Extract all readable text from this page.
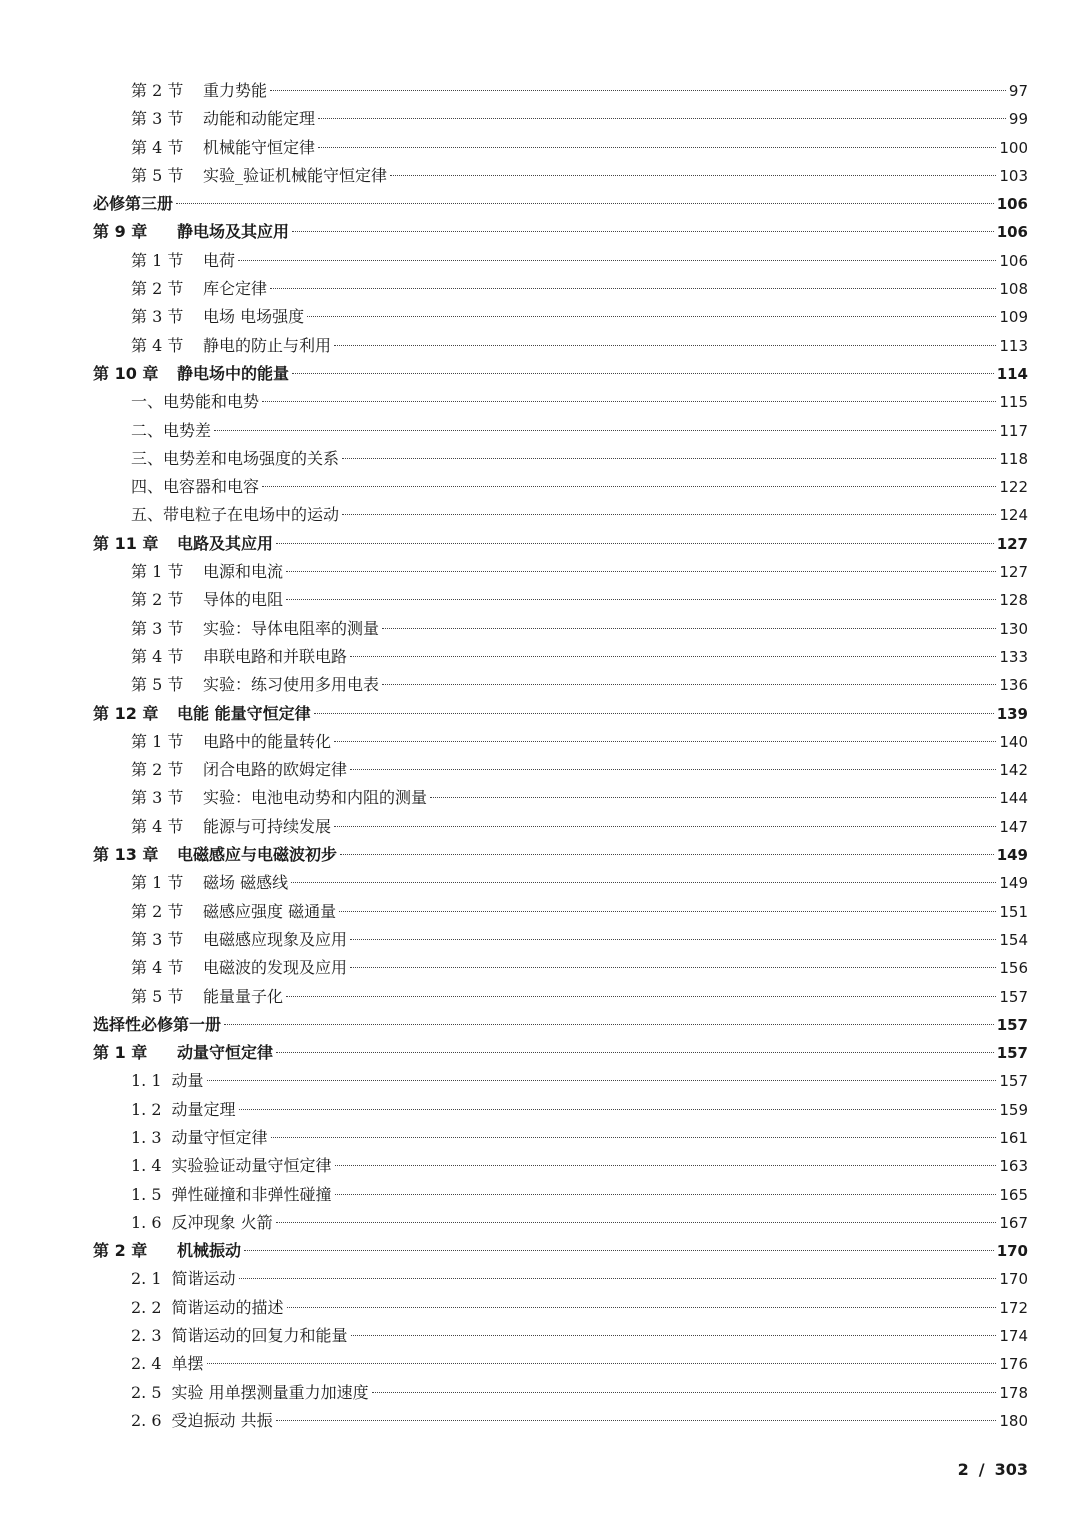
第 2 节	重力势能	97
第 3 节	动能和动能定理	99
第 4 节	机械能守恒定律	100
第 5 节	实验_验证机械能守恒定律	103
必修第三册	106
第 9 章	静电场及其应用	106
第 1 节	电荷	106
第 2 节	库仑定律	108
第 3 节	电场 电场强度	109
第 4 节	静电的防止与利用	113
第 10 章	静电场中的能量	114
一、电势能和电势	115
二、电势差	117
三、电势差和电场强度的关系	118
四、电容器和电容	122
五、带电粒子在电场中的运动	124
第 11 章	电路及其应用	127
第 1 节	电源和电流	127
第 2 节	导体的电阻	128
第 3 节	实验：导体电阻率的测量	130
第 4 节	串联电路和并联电路	133
第 5 节	实验：练习使用多用电表	136
第 12 章	电能 能量守恒定律	139
第 1 节	电路中的能量转化	140
第 2 节	闭合电路的欧姆定律	142
第 3 节	实验：电池电动势和内阻的测量	144
第 4 节	能源与可持续发展	147
第 13 章	电磁感应与电磁波初步	149
第 1 节	磁场 磁感线	149
第 2 节	磁感应强度 磁通量	151
第 3 节	电磁感应现象及应用	154
第 4 节	电磁波的发现及应用	156
第 5 节	能量量子化	157
选择性必修第一册	157
第 1 章	动量守恒定律	157
1. 1 动量	157
1. 2 动量定理	159
1. 3 动量守恒定律	161
1. 4 实验验证动量守恒定律	163
1. 5 弹性碰撞和非弹性碰撞	165
1. 6 反冲现象 火箭	167
第 2 章	机械振动	170
2. 1 简谐运动	170
2. 2 简谐运动的描述	172
2. 3 简谐运动的回复力和能量	174
2. 4 单摆	176
2. 5 实验 用单摆测量重力加速度	178
2. 6 受迫振动 共振	180
2 / 303
